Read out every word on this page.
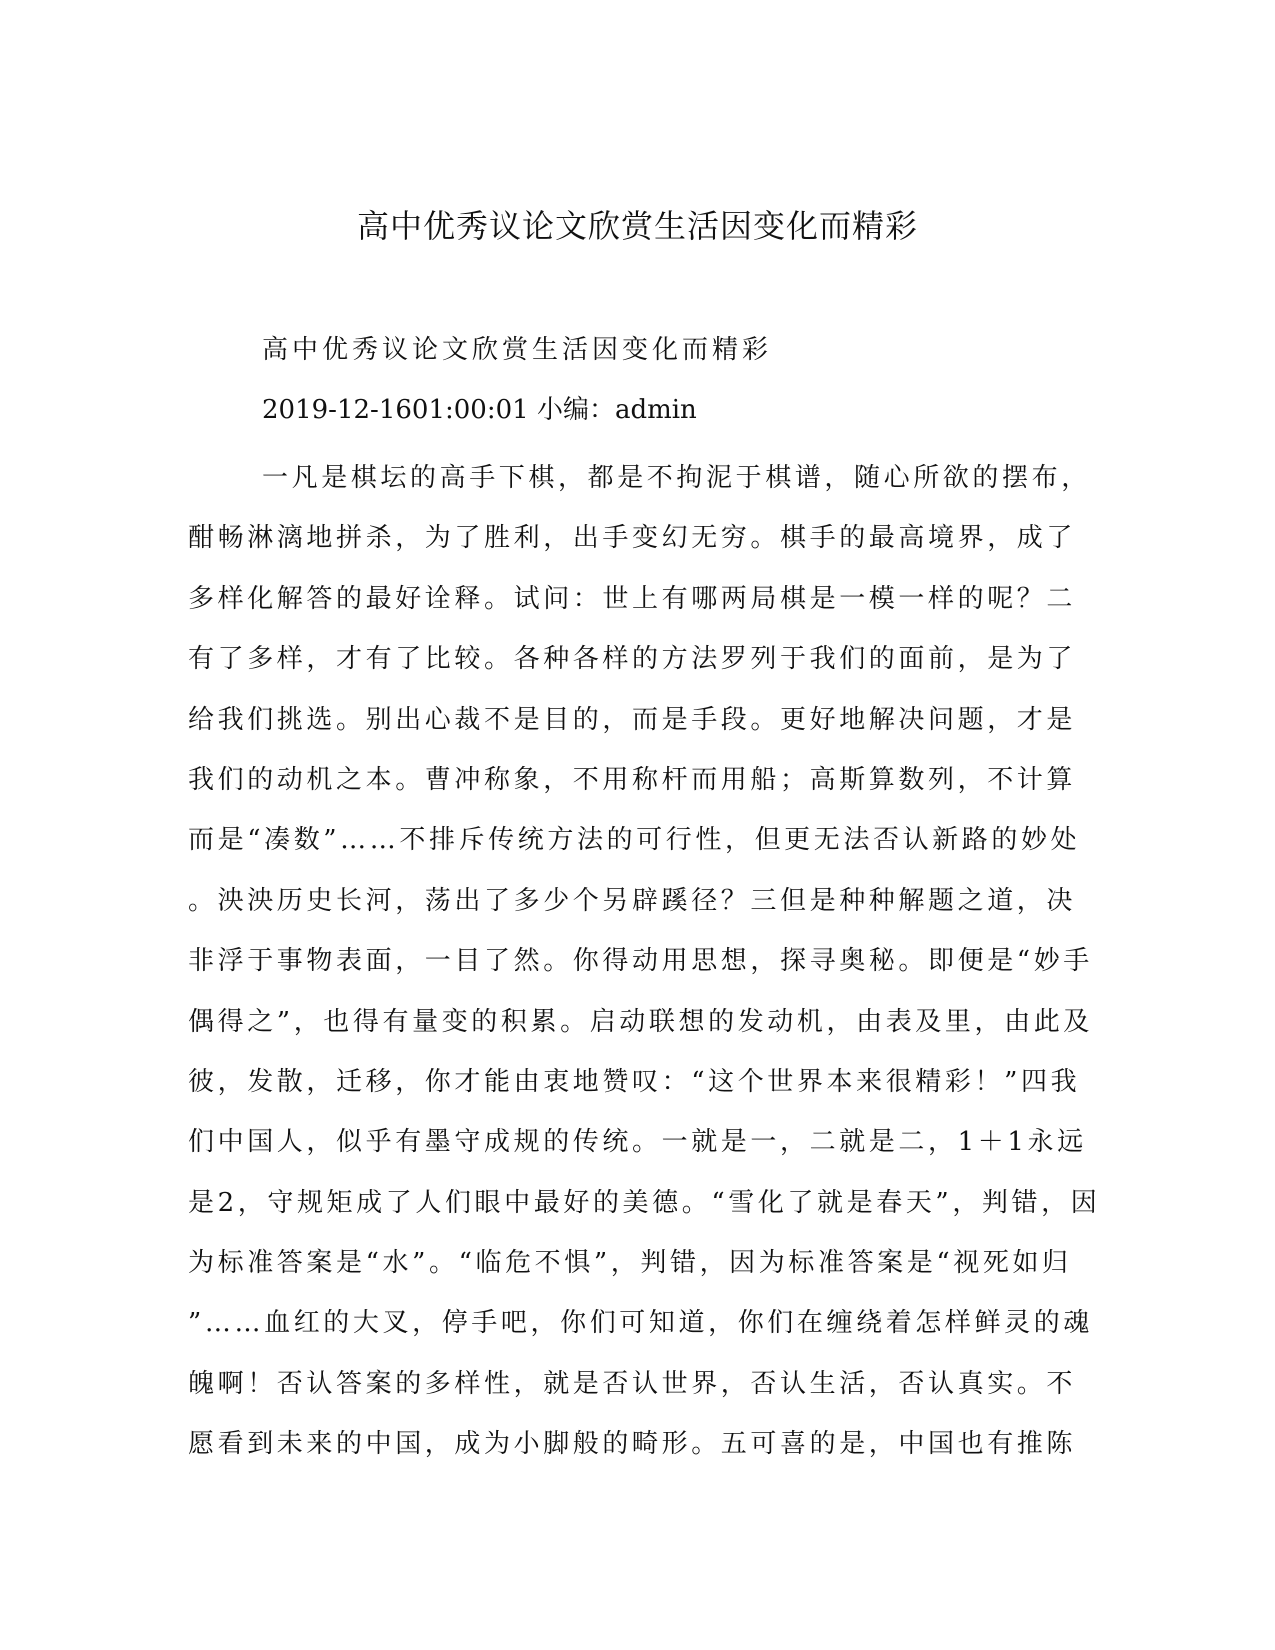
高中优秀议论文欣赏生活因变化而精彩

高中优秀议论文欣赏生活因变化而精彩

2019-12-1601:00:01 小编：admin

一凡是棋坛的高手下棋，都是不拘泥于棋谱，随心所欲的摆布，
酣畅淋漓地拼杀，为了胜利，出手变幻无穷。棋手的最高境界，成了
多样化解答的最好诠释。试问：世上有哪两局棋是一模一样的呢？二
有了多样，才有了比较。各种各样的方法罗列于我们的面前，是为了
给我们挑选。别出心裁不是目的，而是手段。更好地解决问题，才是
我们的动机之本。曹冲称象，不用称杆而用船；高斯算数列，不计算
而是“凑数”……不排斥传统方法的可行性，但更无法否认新路的妙处
。泱泱历史长河，荡出了多少个另辟蹊径？三但是种种解题之道，决
非浮于事物表面，一目了然。你得动用思想，探寻奥秘。即便是“妙手
偶得之”，也得有量变的积累。启动联想的发动机，由表及里，由此及
彼，发散，迁移，你才能由衷地赞叹：“这个世界本来很精彩！”四我
们中国人，似乎有墨守成规的传统。一就是一，二就是二，1＋1永远
是2，守规矩成了人们眼中最好的美德。“雪化了就是春天”，判错，因
为标准答案是“水”。“临危不惧”，判错，因为标准答案是“视死如归
”……血红的大叉，停手吧，你们可知道，你们在缠绕着怎样鲜灵的魂
魄啊！否认答案的多样性，就是否认世界，否认生活，否认真实。不
愿看到未来的中国，成为小脚般的畸形。五可喜的是，中国也有推陈
